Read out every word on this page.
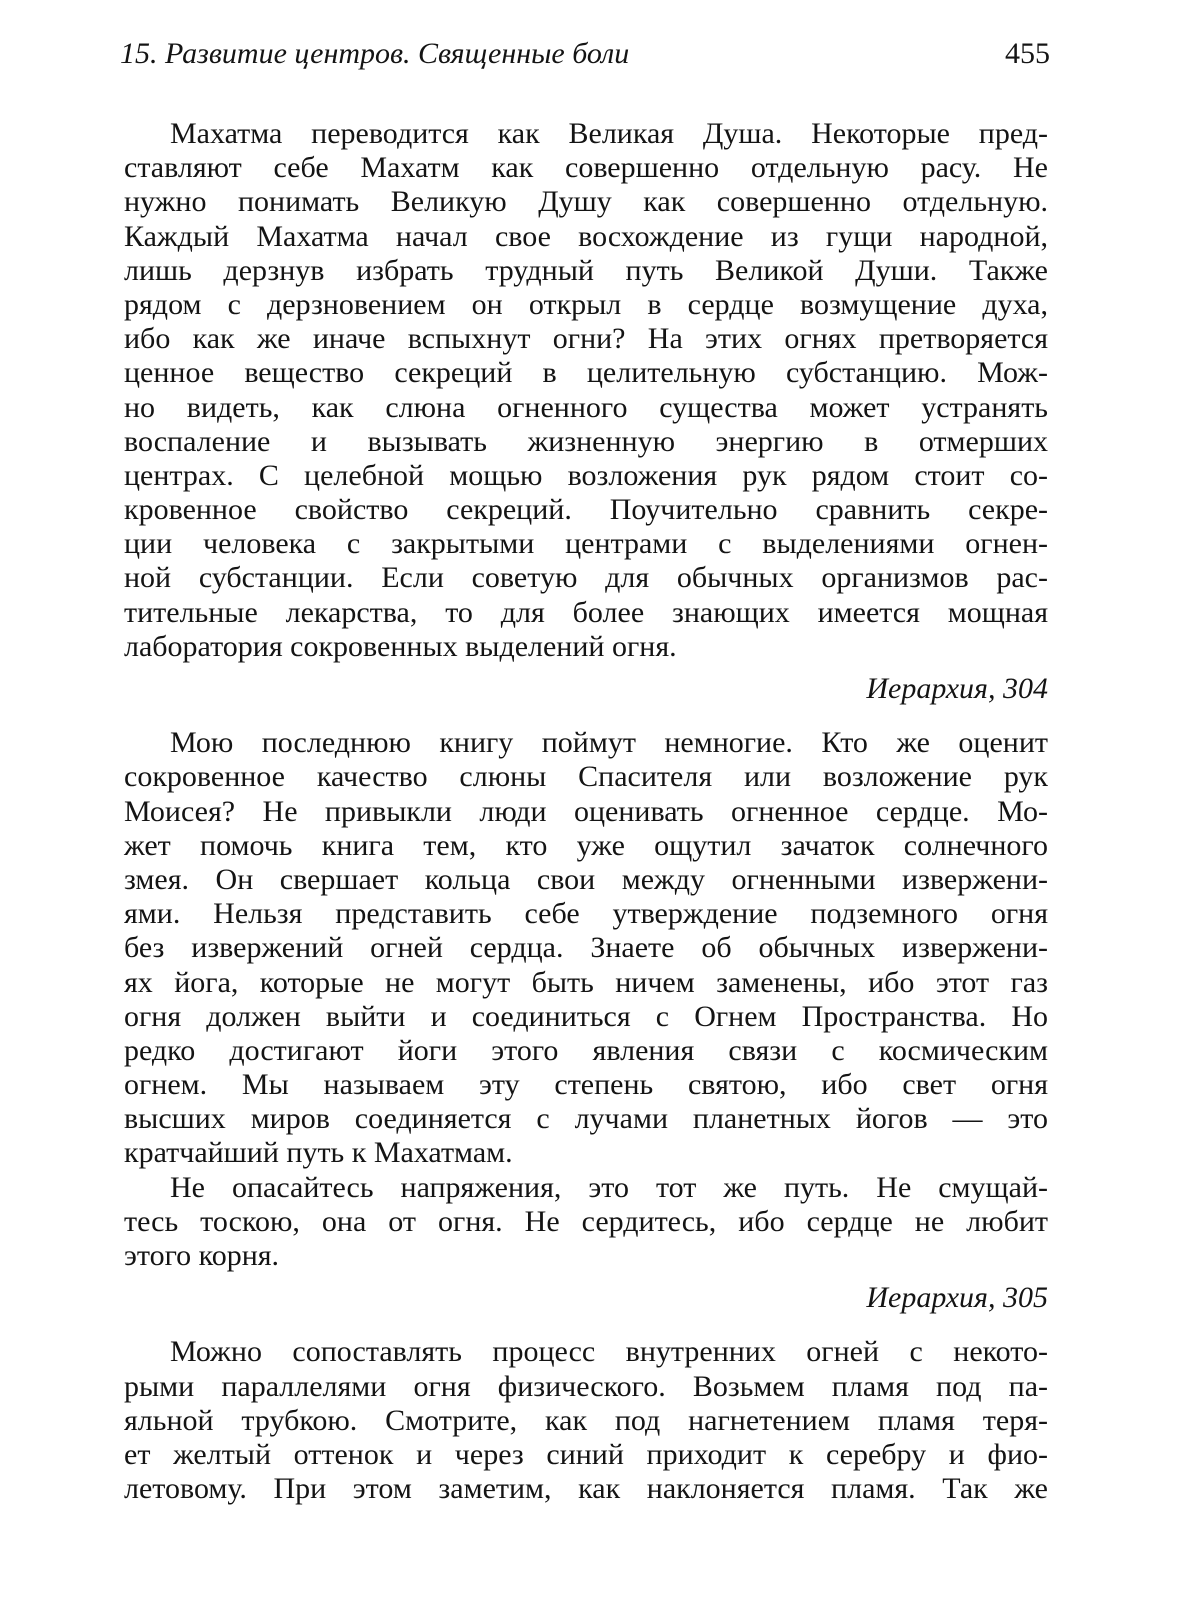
15. Развитие центров. Священные боли	455
Махатма переводится как Великая Душа. Некоторые пред-
ставляют себе Махатм как совершенно отдельную расу. Не
нужно понимать Великую Душу как совершенно отдельную.
Каждый Махатма начал свое восхождение из гущи народной,
лишь дерзнув избрать трудный путь Великой Души. Также
рядом с дерзновением он открыл в сердце возмущение духа,
ибо как же иначе вспыхнут огни? На этих огнях претворяется
ценное вещество секреций в целительную субстанцию. Мож-
но видеть, как слюна огненного существа может устранять
воспаление и вызывать жизненную энергию в отмерших
центрах. С целебной мощью возложения рук рядом стоит со-
кровенное свойство секреций. Поучительно сравнить секре-
ции человека с закрытыми центрами с выделениями огнен-
ной субстанции. Если советую для обычных организмов рас-
тительные лекарства, то для более знающих имеется мощная
лаборатория сокровенных выделений огня.
Иерархия, 304
Мою последнюю книгу поймут немногие. Кто же оценит
сокровенное качество слюны Спасителя или возложение рук
Моисея? Не привыкли люди оценивать огненное сердце. Мо-
жет помочь книга тем, кто уже ощутил зачаток солнечного
змея. Он свершает кольца свои между огненными извержени-
ями. Нельзя представить себе утверждение подземного огня
без извержений огней сердца. Знаете об обычных извержени-
ях йога, которые не могут быть ничем заменены, ибо этот газ
огня должен выйти и соединиться с Огнем Пространства. Но
редко достигают йоги этого явления связи с космическим
огнем. Мы называем эту степень святою, ибо свет огня
высших миров соединяется с лучами планетных йогов — это
кратчайший путь к Махатмам.
Не опасайтесь напряжения, это тот же путь. Не смущай-
тесь тоскою, она от огня. Не сердитесь, ибо сердце не любит
этого корня.
Иерархия, 305
Можно сопоставлять процесс внутренних огней с некото-
рыми параллелями огня физического. Возьмем пламя под па-
яльной трубкою. Смотрите, как под нагнетением пламя теря-
ет желтый оттенок и через синий приходит к серебру и фио-
летовому. При этом заметим, как наклоняется пламя. Так же
